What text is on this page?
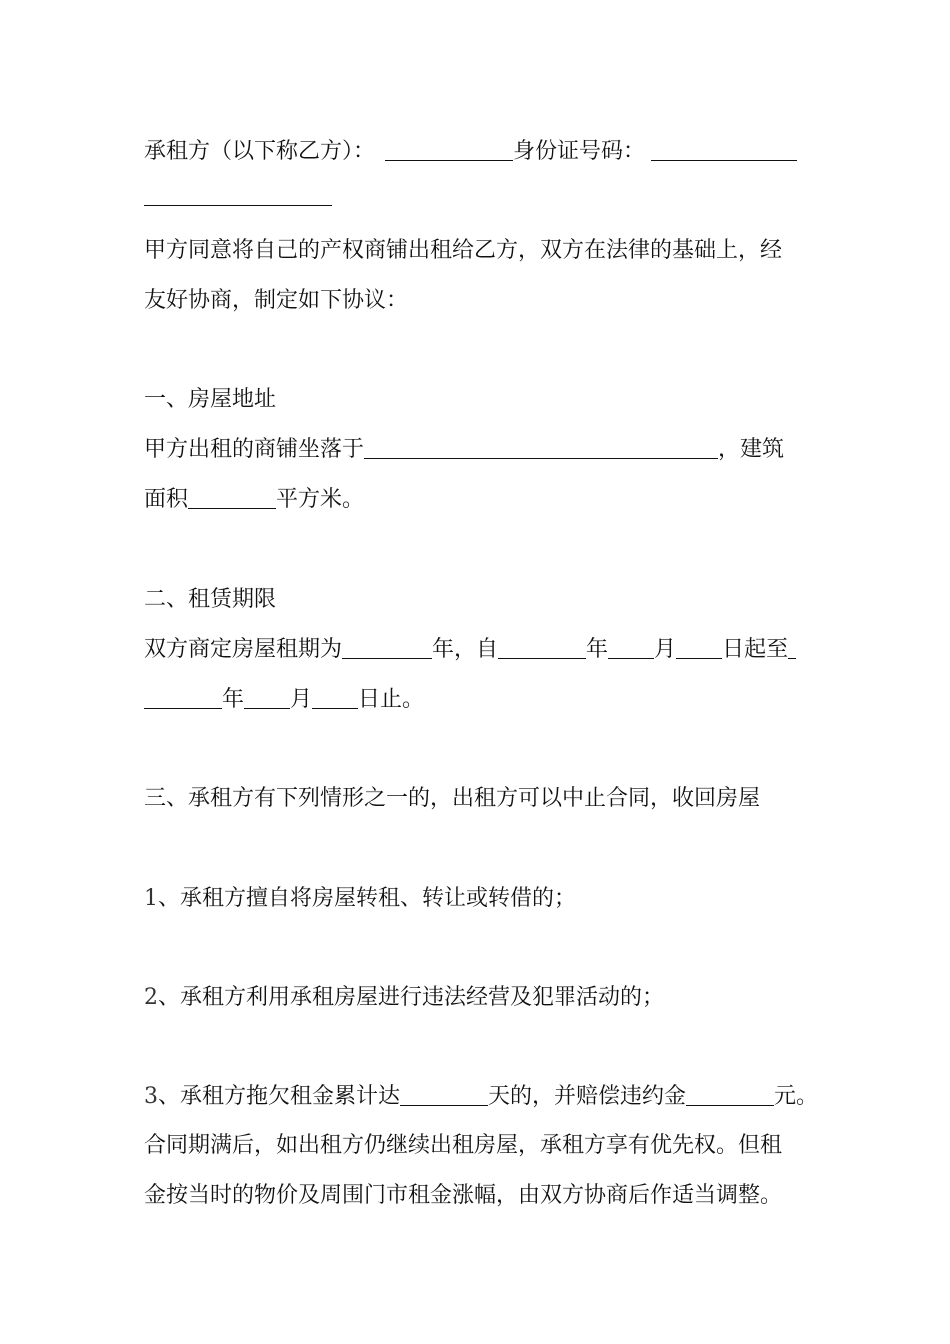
承租方（以下称乙方）：	身份证号码：
甲方同意将自己的产权商铺出租给乙方，双方在法律的基础上，经
友好协商，制定如下协议：
一、房屋地址
甲方出租的商铺坐落于	，建筑
面积	平方米。
二、租赁期限
双方商定房屋租期为	年，自	年 月 日起至
年 月 日止。
三、承租方有下列情形之一的，出租方可以中止合同，收回房屋
1、承租方擅自将房屋转租、转让或转借的；
2、承租方利用承租房屋进行违法经营及犯罪活动的；
3、承租方拖欠租金累计达	天的，并赔偿违约金	元。
合同期满后，如出租方仍继续出租房屋，承租方享有优先权。但租
金按当时的物价及周围门市租金涨幅，由双方协商后作适当调整。
